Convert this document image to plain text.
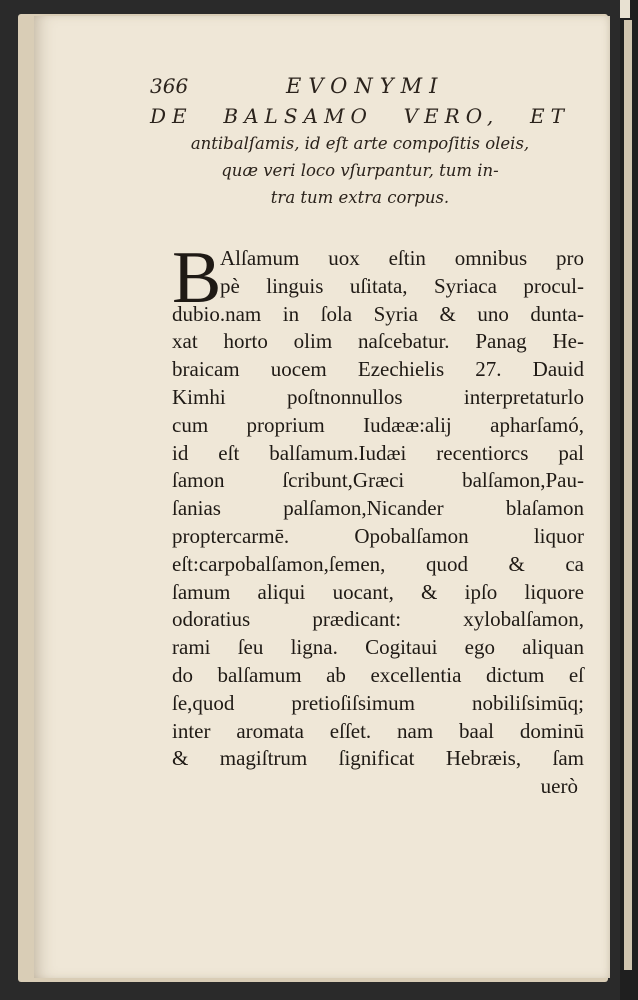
366	EVONYMI
DE BALSAMO VERO, ET
antibalſamis, id eſt arte compoſitis oleis,
quæ veri loco vſurpantur, tum in-
tra tum extra corpus.
B
Alſamum uox eſtin omnibus pro
pè linguis uſitata, Syriaca procul-
dubio.nam in ſola Syria & uno dunta-
xat horto olim naſcebatur. Panag He-
braicam uocem Ezechielis 27. Dauid
Kimhi poſtnonnullos interpretaturlo
cum proprium Iudææ:alij apharſamó,
id eſt balſamum.Iudæi recentiorcs pal
ſamon ſcribunt,Græci balſamon,Pau-
ſanias palſamon,Nicander blaſamon
proptercarmē. Opobalſamon liquor
eſt:carpobalſamon,ſemen, quod & ca
ſamum aliqui uocant, & ipſo liquore
odoratius prædicant: xylobalſamon,
rami ſeu ligna. Cogitaui ego aliquan
do balſamum ab excellentia dictum eſ
ſe,quod pretioſiſsimum nobiliſsimūq;
inter aromata eſſet. nam baal dominū
& magiſtrum ſignificat Hebræis, ſam
uerò
